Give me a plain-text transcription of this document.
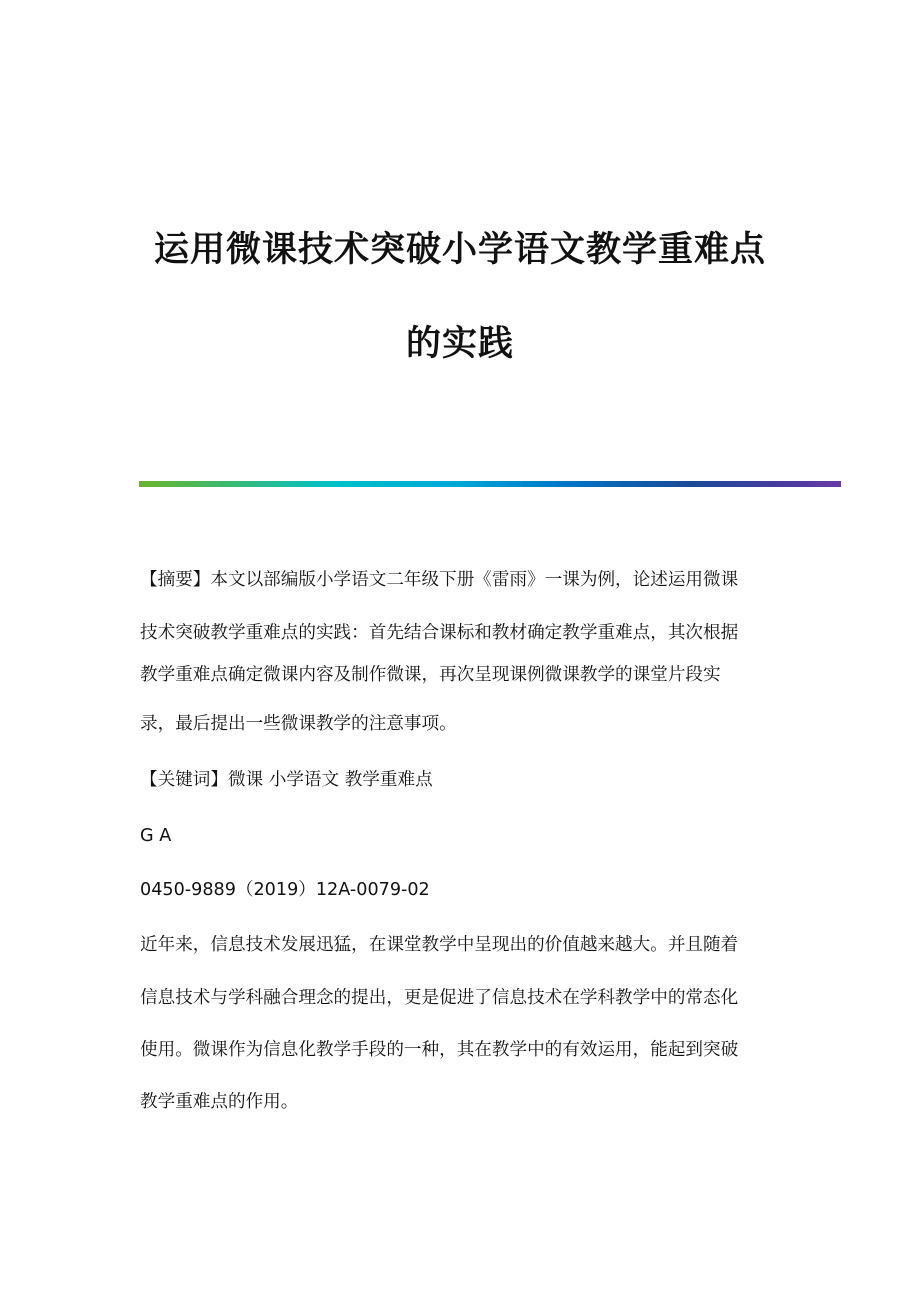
运用微课技术突破小学语文教学重难点
的实践
【摘要】本文以部编版小学语文二年级下册《雷雨》一课为例，论述运用微课
技术突破教学重难点的实践：首先结合课标和教材确定教学重难点，其次根据
教学重难点确定微课内容及制作微课，再次呈现课例微课教学的课堂片段实
录，最后提出一些微课教学的注意事项。
【关键词】微课 小学语文 教学重难点
G A
0450-9889（2019）12A-0079-02
近年来，信息技术发展迅猛，在课堂教学中呈现出的价值越来越大。并且随着
信息技术与学科融合理念的提出，更是促进了信息技术在学科教学中的常态化
使用。微课作为信息化教学手段的一种，其在教学中的有效运用，能起到突破
教学重难点的作用。
